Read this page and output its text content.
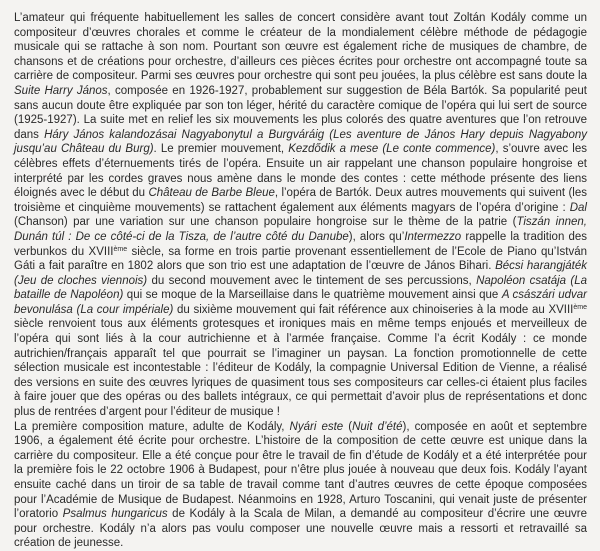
L’amateur qui fréquente habituellement les salles de concert considère avant tout Zoltán Kodály comme un compositeur d’œuvres chorales et comme le créateur de la mondialement célèbre méthode de pédagogie musicale qui se rattache à son nom. Pourtant son œuvre est également riche de musiques de chambre, de chansons et de créations pour orchestre, d’ailleurs ces pièces écrites pour orchestre ont accompagné toute sa carrière de compositeur. Parmi ses œuvres pour orchestre qui sont peu jouées, la plus célèbre est sans doute la Suite Harry János, composée en 1926-1927, probablement sur suggestion de Béla Bartók. Sa popularité peut sans aucun doute être expliquée par son ton léger, hérité du caractère comique de l’opéra qui lui sert de source (1925-1927). La suite met en relief les six mouvements les plus colorés des quatre aventures que l’on retrouve dans Háry János kalandozásai Nagyabonytul a Burgváráig (Les aventure de János Hary depuis Nagyabony jusqu’au Château du Burg). Le premier mouvement, Kezdődik a mese (Le conte commence), s’ouvre avec les célèbres effets d’éternuements tirés de l’opéra. Ensuite un air rappelant une chanson populaire hongroise et interprété par les cordes graves nous amène dans le monde des contes : cette méthode présente des liens éloignés avec le début du Château de Barbe Bleue, l’opéra de Bartók. Deux autres mouvements qui suivent (les troisième et cinquième mouvements) se rattachent également aux éléments magyars de l’opéra d’origine : Dal (Chanson) par une variation sur une chanson populaire hongroise sur le thème de la patrie (Tiszán innen, Dunán túl : De ce côté-ci de la Tisza, de l’autre côté du Danube), alors qu’Intermezzo rappelle la tradition des verbunkos du XVIIIème siècle, sa forme en trois partie provenant essentiellement de l’Ecole de Piano qu’István Gáti a fait paraître en 1802 alors que son trio est une adaptation de l’œuvre de János Bihari. Bécsi harangjáték (Jeu de cloches viennois) du second mouvement avec le tintement de ses percussions, Napoléon csatája (La bataille de Napoléon) qui se moque de la Marseillaise dans le quatrième mouvement ainsi que A császári udvar bevonulása (La cour impériale) du sixième mouvement qui fait référence aux chinoiseries à la mode au XVIIIème siècle renvoient tous aux éléments grotesques et ironiques mais en même temps enjoués et merveilleux de l’opéra qui sont liés à la cour autrichienne et à l’armée française. Comme l’a écrit Kodály : ce monde autrichien/français apparaît tel que pourrait se l’imaginer un paysan. La fonction promotionnelle de cette sélection musicale est incontestable : l’éditeur de Kodály, la compagnie Universal Edition de Vienne, a réalisé des versions en suite des œuvres lyriques de quasiment tous ses compositeurs car celles-ci étaient plus faciles à faire jouer que des opéras ou des ballets intégraux, ce qui permettait d’avoir plus de représentations et donc plus de rentrées d’argent pour l’éditeur de musique !

La première composition mature, adulte de Kodály, Nyári este (Nuit d’été), composée en août et septembre 1906, a également été écrite pour orchestre. L’histoire de la composition de cette œuvre est unique dans la carrière du compositeur. Elle a été conçue pour être le travail de fin d’étude de Kodály et a été interprétée pour la première fois le 22 octobre 1906 à Budapest, pour n’être plus jouée à nouveau que deux fois. Kodály l’ayant ensuite caché dans un tiroir de sa table de travail comme tant d’autres œuvres de cette époque composées pour l’Académie de Musique de Budapest. Néanmoins en 1928, Arturo Toscanini, qui venait juste de présenter l’oratorio Psalmus hungaricus de Kodály à la Scala de Milan, a demandé au compositeur d’écrire une œuvre pour orchestre. Kodály n’a alors pas voulu composer une nouvelle œuvre mais a ressorti et retravaillé sa création de jeunesse.
